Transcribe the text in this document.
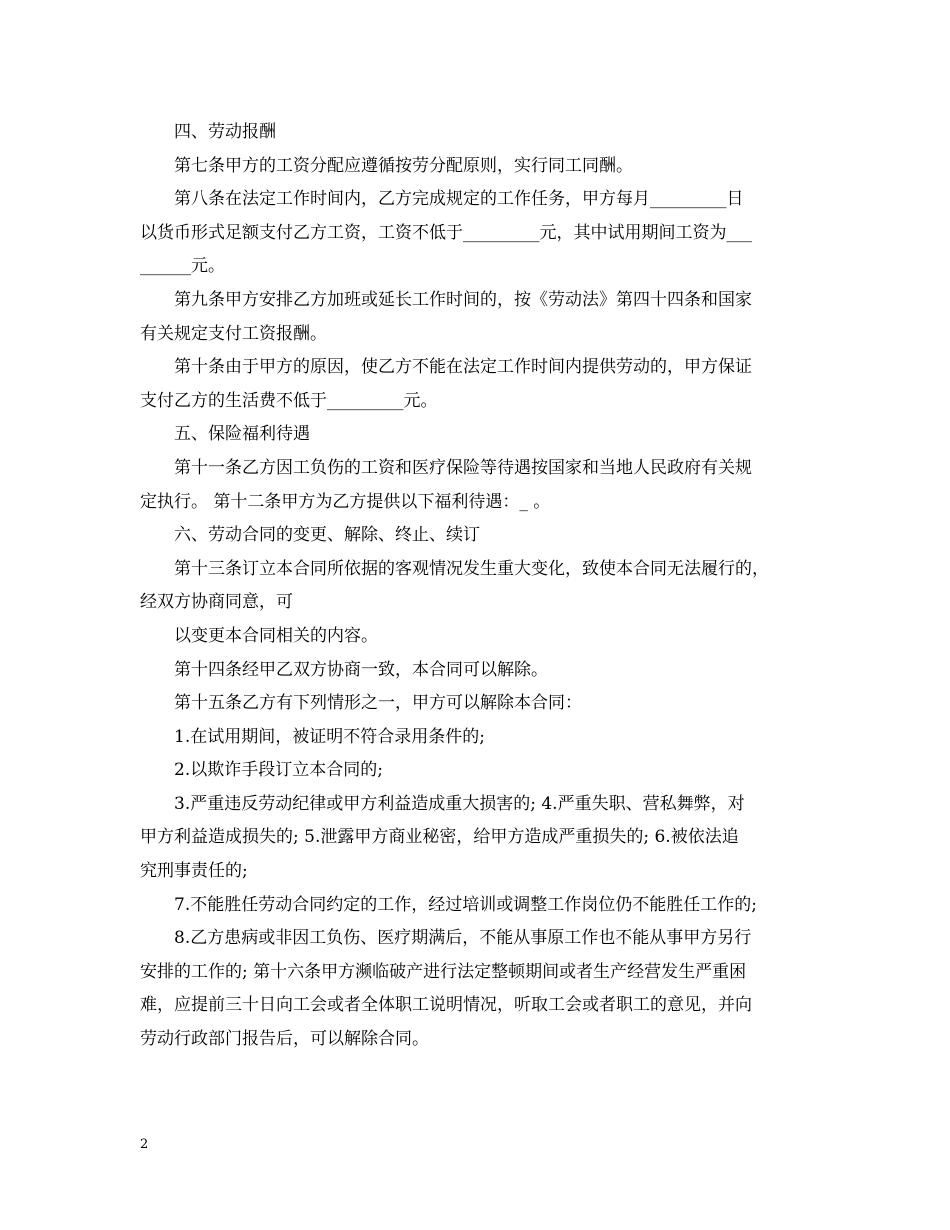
四、劳动报酬
第七条甲方的工资分配应遵循按劳分配原则，实行同工同酬。
第八条在法定工作时间内，乙方完成规定的工作任务，甲方每月_________日
以货币形式足额支付乙方工资，工资不低于_________元，其中试用期间工资为___
______元。
第九条甲方安排乙方加班或延长工作时间的，按《劳动法》第四十四条和国家
有关规定支付工资报酬。
第十条由于甲方的原因，使乙方不能在法定工作时间内提供劳动的，甲方保证
支付乙方的生活费不低于_________元。
五、保险福利待遇
第十一条乙方因工负伤的工资和医疗保险等待遇按国家和当地人民政府有关规
定执行。 第十二条甲方为乙方提供以下福利待遇：_ 。
六、劳动合同的变更、解除、终止、续订
第十三条订立本合同所依据的客观情况发生重大变化，致使本合同无法履行的，
经双方协商同意，可
以变更本合同相关的内容。
第十四条经甲乙双方协商一致，本合同可以解除。
第十五条乙方有下列情形之一，甲方可以解除本合同：
1.在试用期间，被证明不符合录用条件的;
2.以欺诈手段订立本合同的;
3.严重违反劳动纪律或甲方利益造成重大损害的; 4.严重失职、营私舞弊，对
甲方利益造成损失的; 5.泄露甲方商业秘密，给甲方造成严重损失的; 6.被依法追
究刑事责任的;
7.不能胜任劳动合同约定的工作，经过培训或调整工作岗位仍不能胜任工作的;
8.乙方患病或非因工负伤、医疗期满后，不能从事原工作也不能从事甲方另行
安排的工作的; 第十六条甲方濒临破产进行法定整顿期间或者生产经营发生严重困
难，应提前三十日向工会或者全体职工说明情况，听取工会或者职工的意见，并向
劳动行政部门报告后，可以解除合同。
2
